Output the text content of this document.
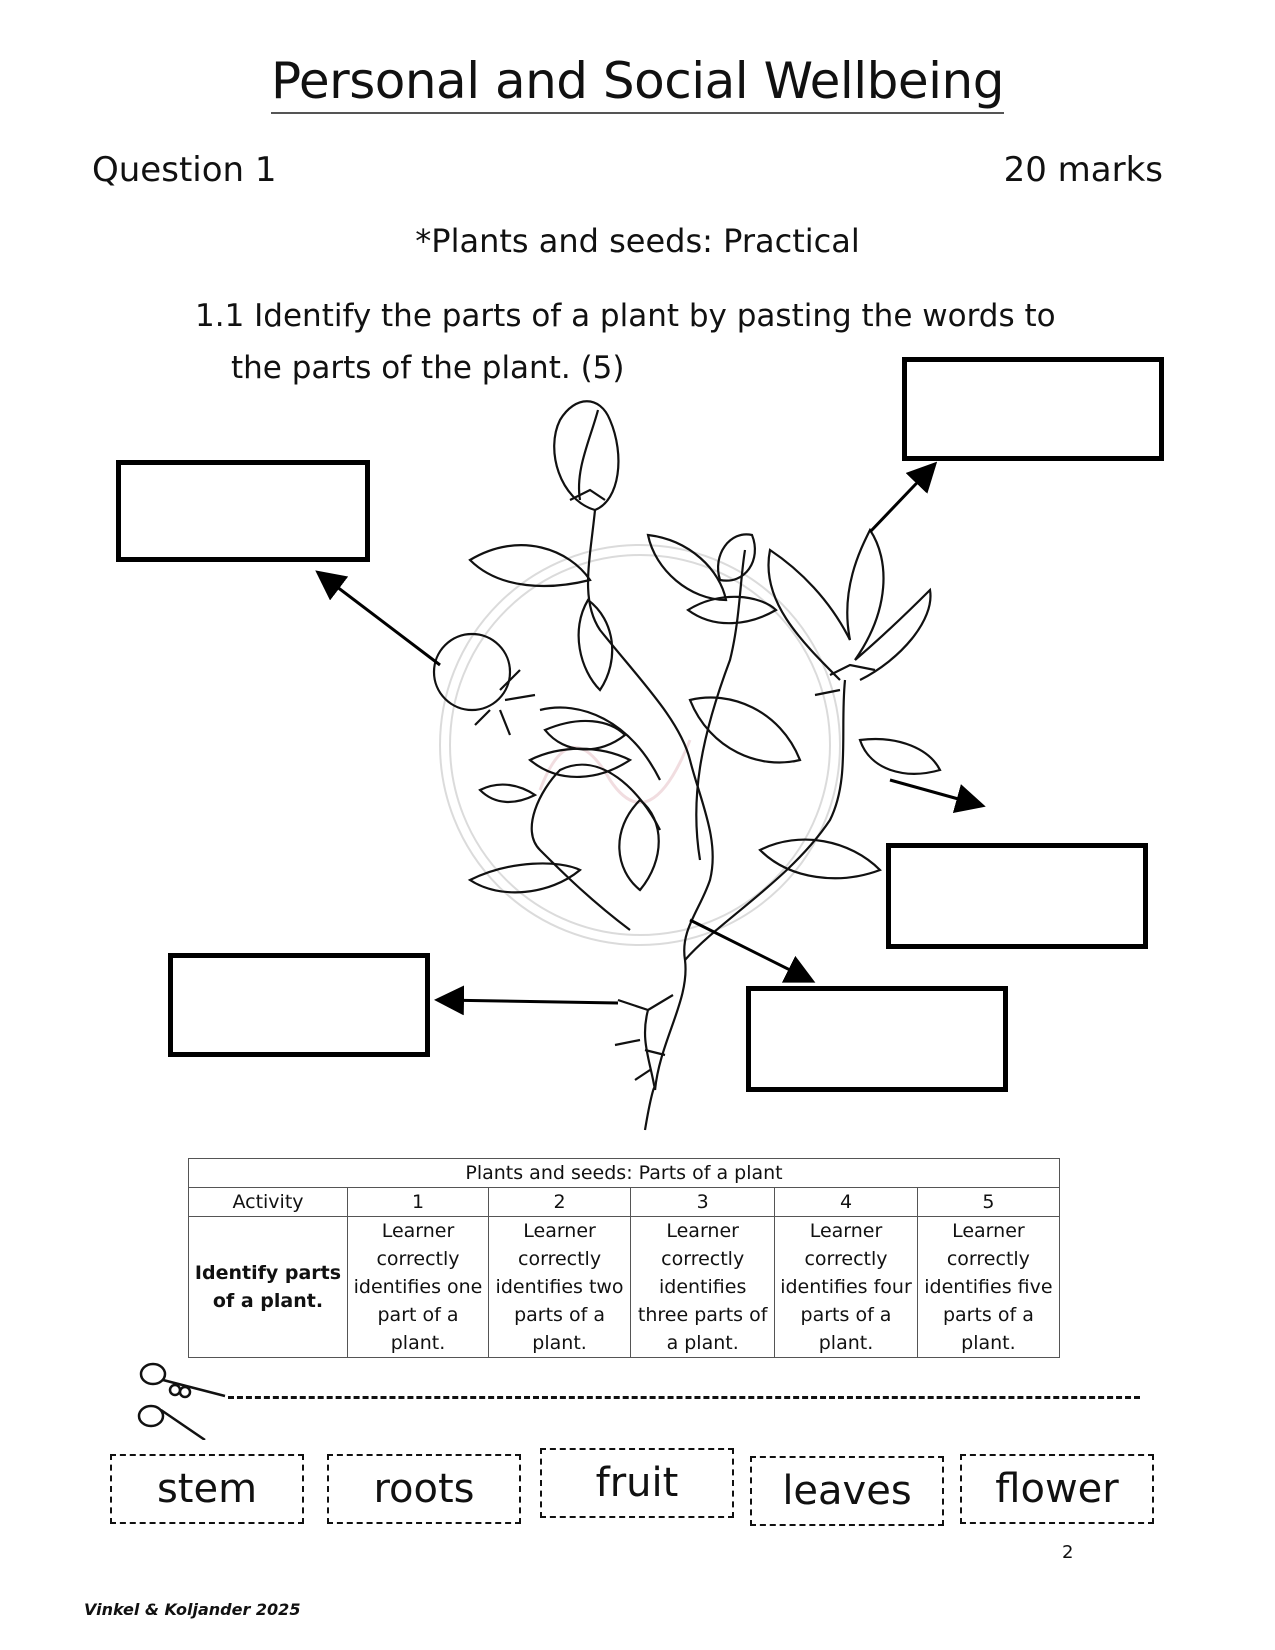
Personal and Social Wellbeing
Question 1	20 marks
*Plants and seeds: Practical
1.1 Identify the parts of a plant by pasting the words to
the parts of the plant. (5)
Plants and seeds: Parts of a plant					
Activity	1	2	3	4	5
Identify parts of a plant.	Learner correctly identifies one part of a plant.	Learner correctly identifies two parts of a plant.	Learner correctly identifies three parts of a plant.	Learner correctly identifies four parts of a plant.	Learner correctly identifies five parts of a plant.
stem	roots	fruit	leaves	flower
2
Vinkel & Koljander 2025
